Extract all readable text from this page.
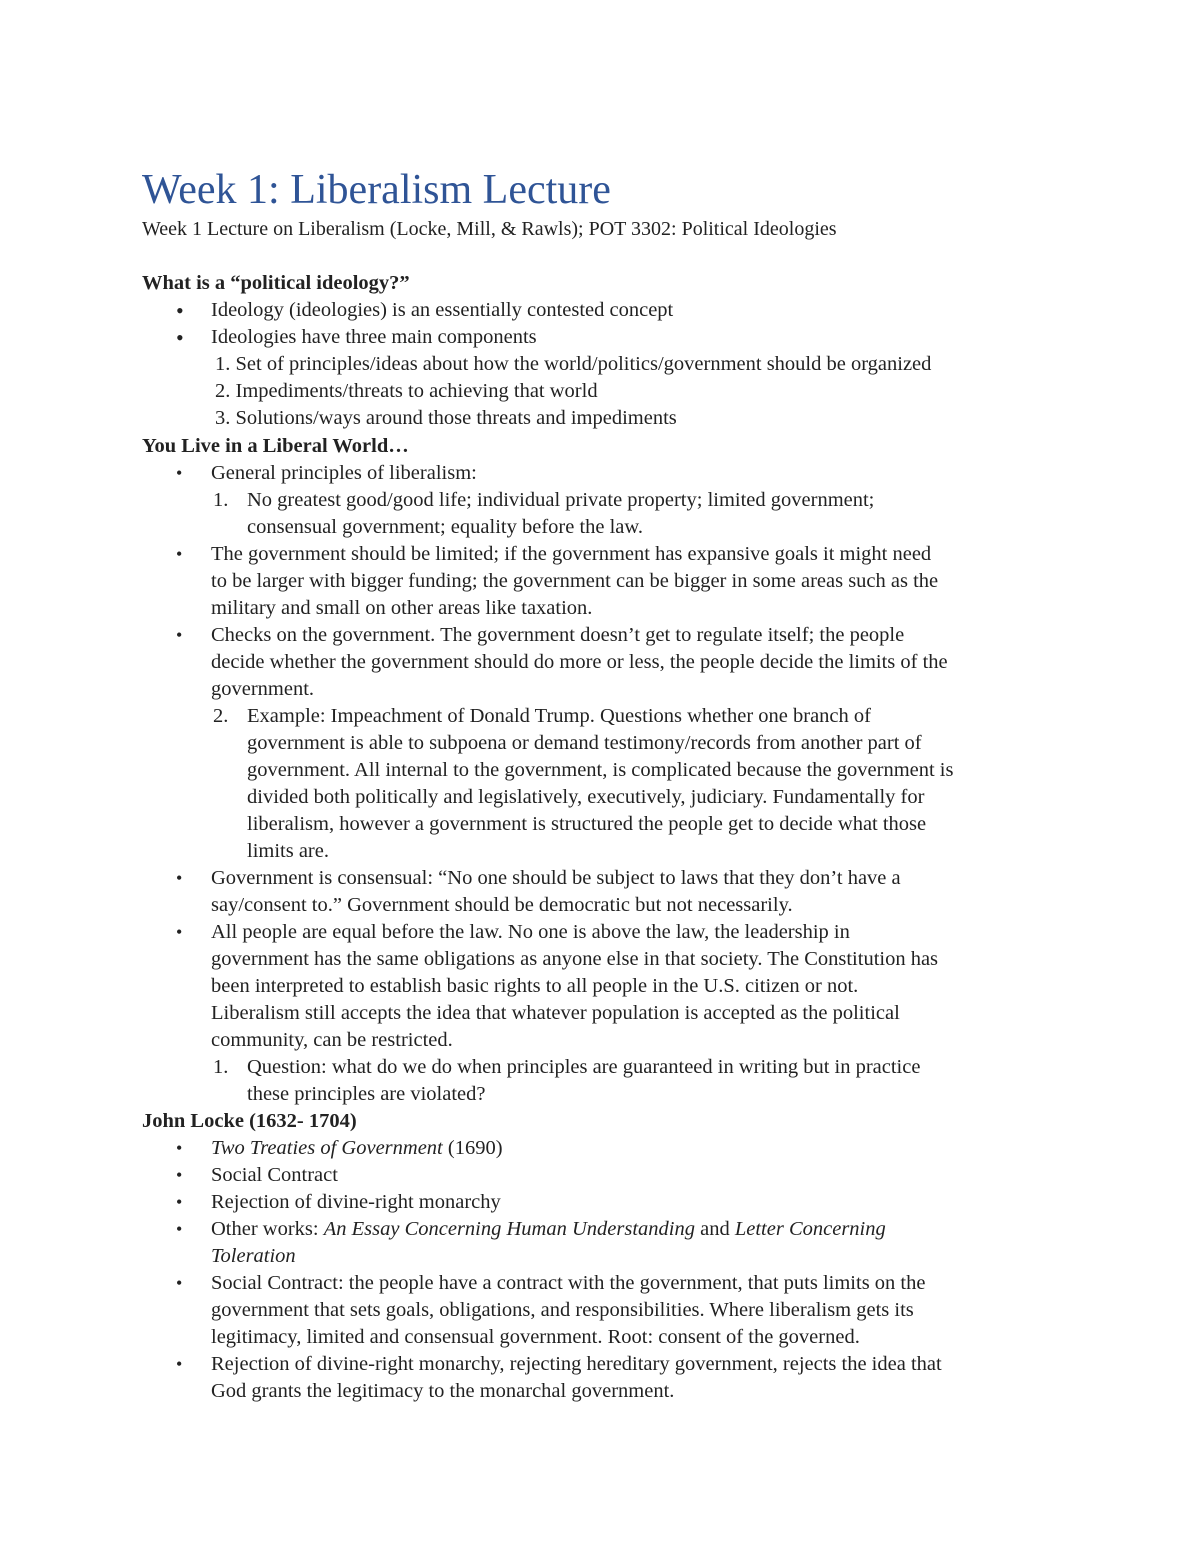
Week 1: Liberalism Lecture
Week 1 Lecture on Liberalism (Locke, Mill, & Rawls); POT 3302: Political Ideologies
What is a “political ideology?”
• Ideology (ideologies) is an essentially contested concept
• Ideologies have three main components
1. Set of principles/ideas about how the world/politics/government should be organized
2. Impediments/threats to achieving that world
3. Solutions/ways around those threats and impediments
You Live in a Liberal World…
• General principles of liberalism:
1. No greatest good/good life; individual private property; limited government;
consensual government; equality before the law.
• The government should be limited; if the government has expansive goals it might need
to be larger with bigger funding; the government can be bigger in some areas such as the
military and small on other areas like taxation.
• Checks on the government. The government doesn’t get to regulate itself; the people
decide whether the government should do more or less, the people decide the limits of the
government.
2. Example: Impeachment of Donald Trump. Questions whether one branch of
government is able to subpoena or demand testimony/records from another part of
government. All internal to the government, is complicated because the government is
divided both politically and legislatively, executively, judiciary. Fundamentally for
liberalism, however a government is structured the people get to decide what those
limits are.
• Government is consensual: “No one should be subject to laws that they don’t have a
say/consent to.” Government should be democratic but not necessarily.
• All people are equal before the law. No one is above the law, the leadership in
government has the same obligations as anyone else in that society. The Constitution has
been interpreted to establish basic rights to all people in the U.S. citizen or not.
Liberalism still accepts the idea that whatever population is accepted as the political
community, can be restricted.
1. Question: what do we do when principles are guaranteed in writing but in practice
these principles are violated?
John Locke (1632- 1704)
• Two Treaties of Government (1690)
• Social Contract
• Rejection of divine-right monarchy
• Other works: An Essay Concerning Human Understanding and Letter Concerning
Toleration
• Social Contract: the people have a contract with the government, that puts limits on the
government that sets goals, obligations, and responsibilities. Where liberalism gets its
legitimacy, limited and consensual government. Root: consent of the governed.
• Rejection of divine-right monarchy, rejecting hereditary government, rejects the idea that
God grants the legitimacy to the monarchal government.
